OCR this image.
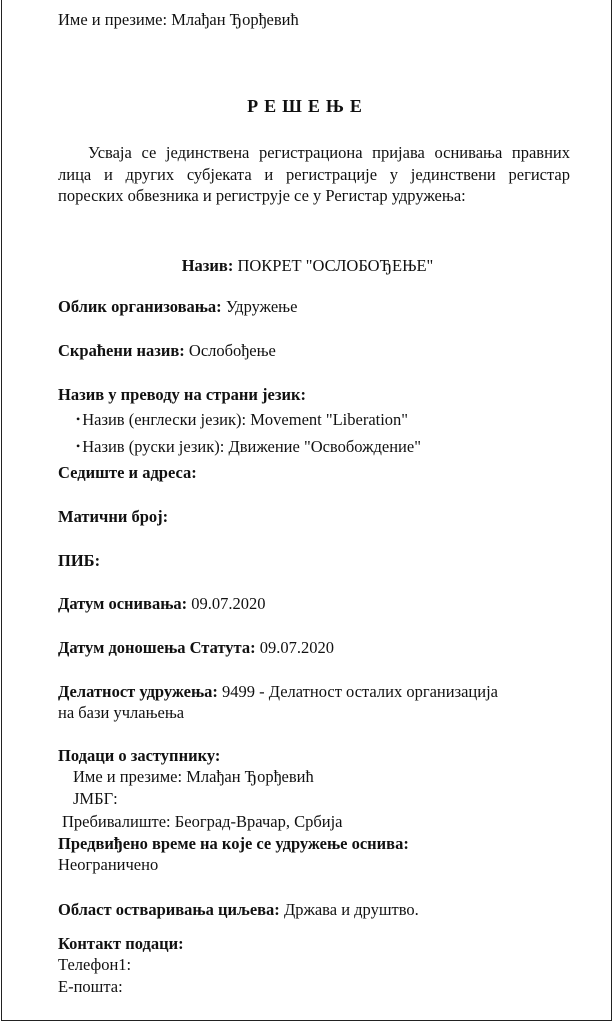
Име и презиме: Млађан Ђорђевић
РЕШЕЊЕ
Усваја се јединствена регистрациона пријава оснивања правних лица и других субјеката и регистрације у јединствени регистар пореских обвезника и региструје се у Регистар удружења:
Назив: ПОКРЕТ "ОСЛОБОЂЕЊЕ"
Облик организовања: Удружење
Скраћени назив: Ослобођење
Назив у преводу на страни језик:
• Назив (енглески језик): Movement "Liberation"
• Назив (руски језик): Движение "Освобождение"
Седиште и адреса:
Матични број:
ПИБ:
Датум оснивања: 09.07.2020
Датум доношења Статута: 09.07.2020
Делатност удружења: 9499 - Делатност осталих организација
на бази учлањења
Подаци о заступнику:
Име и презиме: Млађан Ђорђевић
ЈМБГ:
Пребивалиште: Београд-Врачар, Србија
Предвиђено време на које се удружење оснива:
Неограничено
Област остваривања циљева: Држава и друштво.
Контакт подаци:
Телефон1:
Е-пошта:
